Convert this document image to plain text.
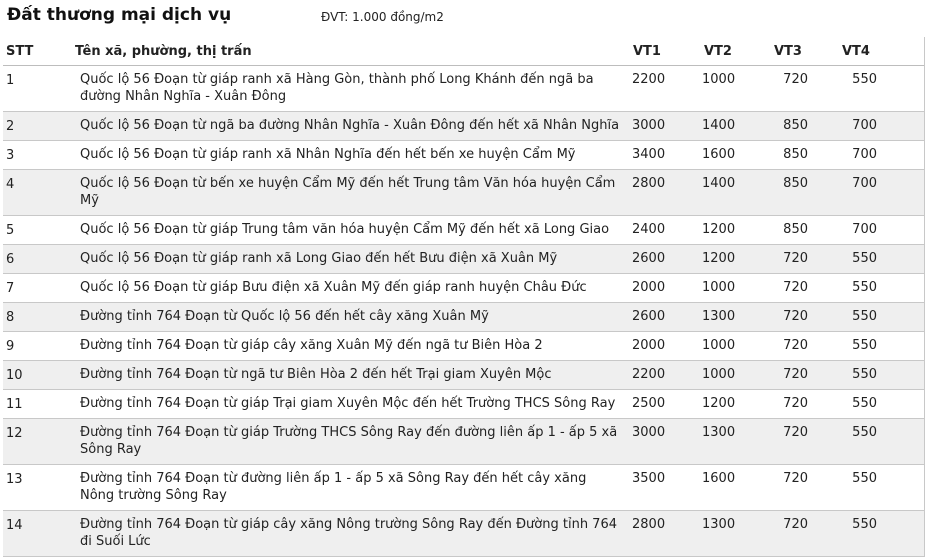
Đất thương mại dịch vụ	ĐVT: 1.000 đồng/m2
STT	Tên xã, phường, thị trấn	VT1	VT2	VT3	VT4
1	Quốc lộ 56 Đoạn từ giáp ranh xã Hàng Gòn, thành phố Long Khánh đến ngã ba đường Nhân Nghĩa - Xuân Đông	2200	1000	720	550
2	Quốc lộ 56 Đoạn từ ngã ba đường Nhân Nghĩa - Xuân Đông đến hết xã Nhân Nghĩa	3000	1400	850	700
3	Quốc lộ 56 Đoạn từ giáp ranh xã Nhân Nghĩa đến hết bến xe huyện Cẩm Mỹ	3400	1600	850	700
4	Quốc lộ 56 Đoạn từ bến xe huyện Cẩm Mỹ đến hết Trung tâm Văn hóa huyện Cẩm Mỹ	2800	1400	850	700
5	Quốc lộ 56 Đoạn từ giáp Trung tâm văn hóa huyện Cẩm Mỹ đến hết xã Long Giao	2400	1200	850	700
6	Quốc lộ 56 Đoạn từ giáp ranh xã Long Giao đến hết Bưu điện xã Xuân Mỹ	2600	1200	720	550
7	Quốc lộ 56 Đoạn từ giáp Bưu điện xã Xuân Mỹ đến giáp ranh huyện Châu Đức	2000	1000	720	550
8	Đường tỉnh 764 Đoạn từ Quốc lộ 56 đến hết cây xăng Xuân Mỹ	2600	1300	720	550
9	Đường tỉnh 764 Đoạn từ giáp cây xăng Xuân Mỹ đến ngã tư Biên Hòa 2	2000	1000	720	550
10	Đường tỉnh 764 Đoạn từ ngã tư Biên Hòa 2 đến hết Trại giam Xuyên Mộc	2200	1000	720	550
11	Đường tỉnh 764 Đoạn từ giáp Trại giam Xuyên Mộc đến hết Trường THCS Sông Ray	2500	1200	720	550
12	Đường tỉnh 764 Đoạn từ giáp Trường THCS Sông Ray đến đường liên ấp 1 - ấp 5 xã Sông Ray	3000	1300	720	550
13	Đường tỉnh 764 Đoạn từ đường liên ấp 1 - ấp 5 xã Sông Ray đến hết cây xăng Nông trường Sông Ray	3500	1600	720	550
14	Đường tỉnh 764 Đoạn từ giáp cây xăng Nông trường Sông Ray đến Đường tỉnh 764 đi Suối Lức	2800	1300	720	550
